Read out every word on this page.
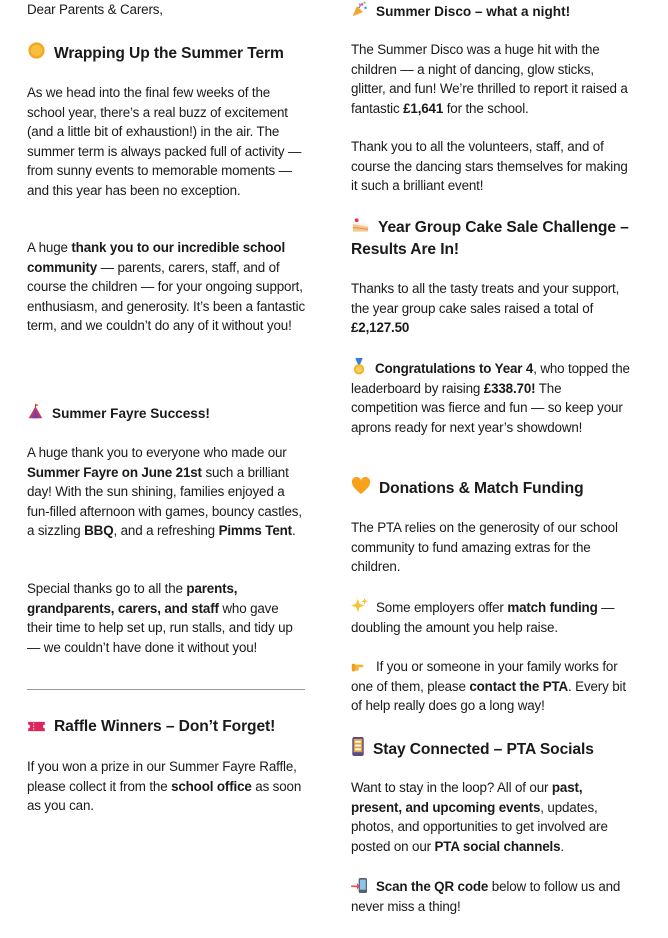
Dear Parents & Carers,

Wrapping Up the Summer Term

As we head into the final few weeks of the school year, there’s a real buzz of excitement (and a little bit of exhaustion!) in the air. The summer term is always packed full of activity — from sunny events to memorable moments — and this year has been no exception.

A huge thank you to our incredible school community — parents, carers, staff, and of course the children — for your ongoing support, enthusiasm, and generosity. It’s been a fantastic term, and we couldn’t do any of it without you!

Summer Fayre Success!

A huge thank you to everyone who made our Summer Fayre on June 21st such a brilliant day! With the sun shining, families enjoyed a fun-filled afternoon with games, bouncy castles, a sizzling BBQ, and a refreshing Pimms Tent.

Special thanks go to all the parents, grandparents, carers, and staff who gave their time to help set up, run stalls, and tidy up — we couldn’t have done it without you!

Raffle Winners – Don’t Forget!

If you won a prize in our Summer Fayre Raffle, please collect it from the school office as soon as you can.

Summer Disco – what a night!

The Summer Disco was a huge hit with the children — a night of dancing, glow sticks, glitter, and fun! We’re thrilled to report it raised a fantastic £1,641 for the school.

Thank you to all the volunteers, staff, and of course the dancing stars themselves for making it such a brilliant event!

Year Group Cake Sale Challenge – Results Are In!

Thanks to all the tasty treats and your support, the year group cake sales raised a total of £2,127.50

Congratulations to Year 4, who topped the leaderboard by raising £338.70! The competition was fierce and fun — so keep your aprons ready for next year’s showdown!

Donations & Match Funding

The PTA relies on the generosity of our school community to fund amazing extras for the children.

Some employers offer match funding — doubling the amount you help raise.

If you or someone in your family works for one of them, please contact the PTA. Every bit of help really does go a long way!

Stay Connected – PTA Socials

Want to stay in the loop? All of our past, present, and upcoming events, updates, photos, and opportunities to get involved are posted on our PTA social channels.

Scan the QR code below to follow us and never miss a thing!
